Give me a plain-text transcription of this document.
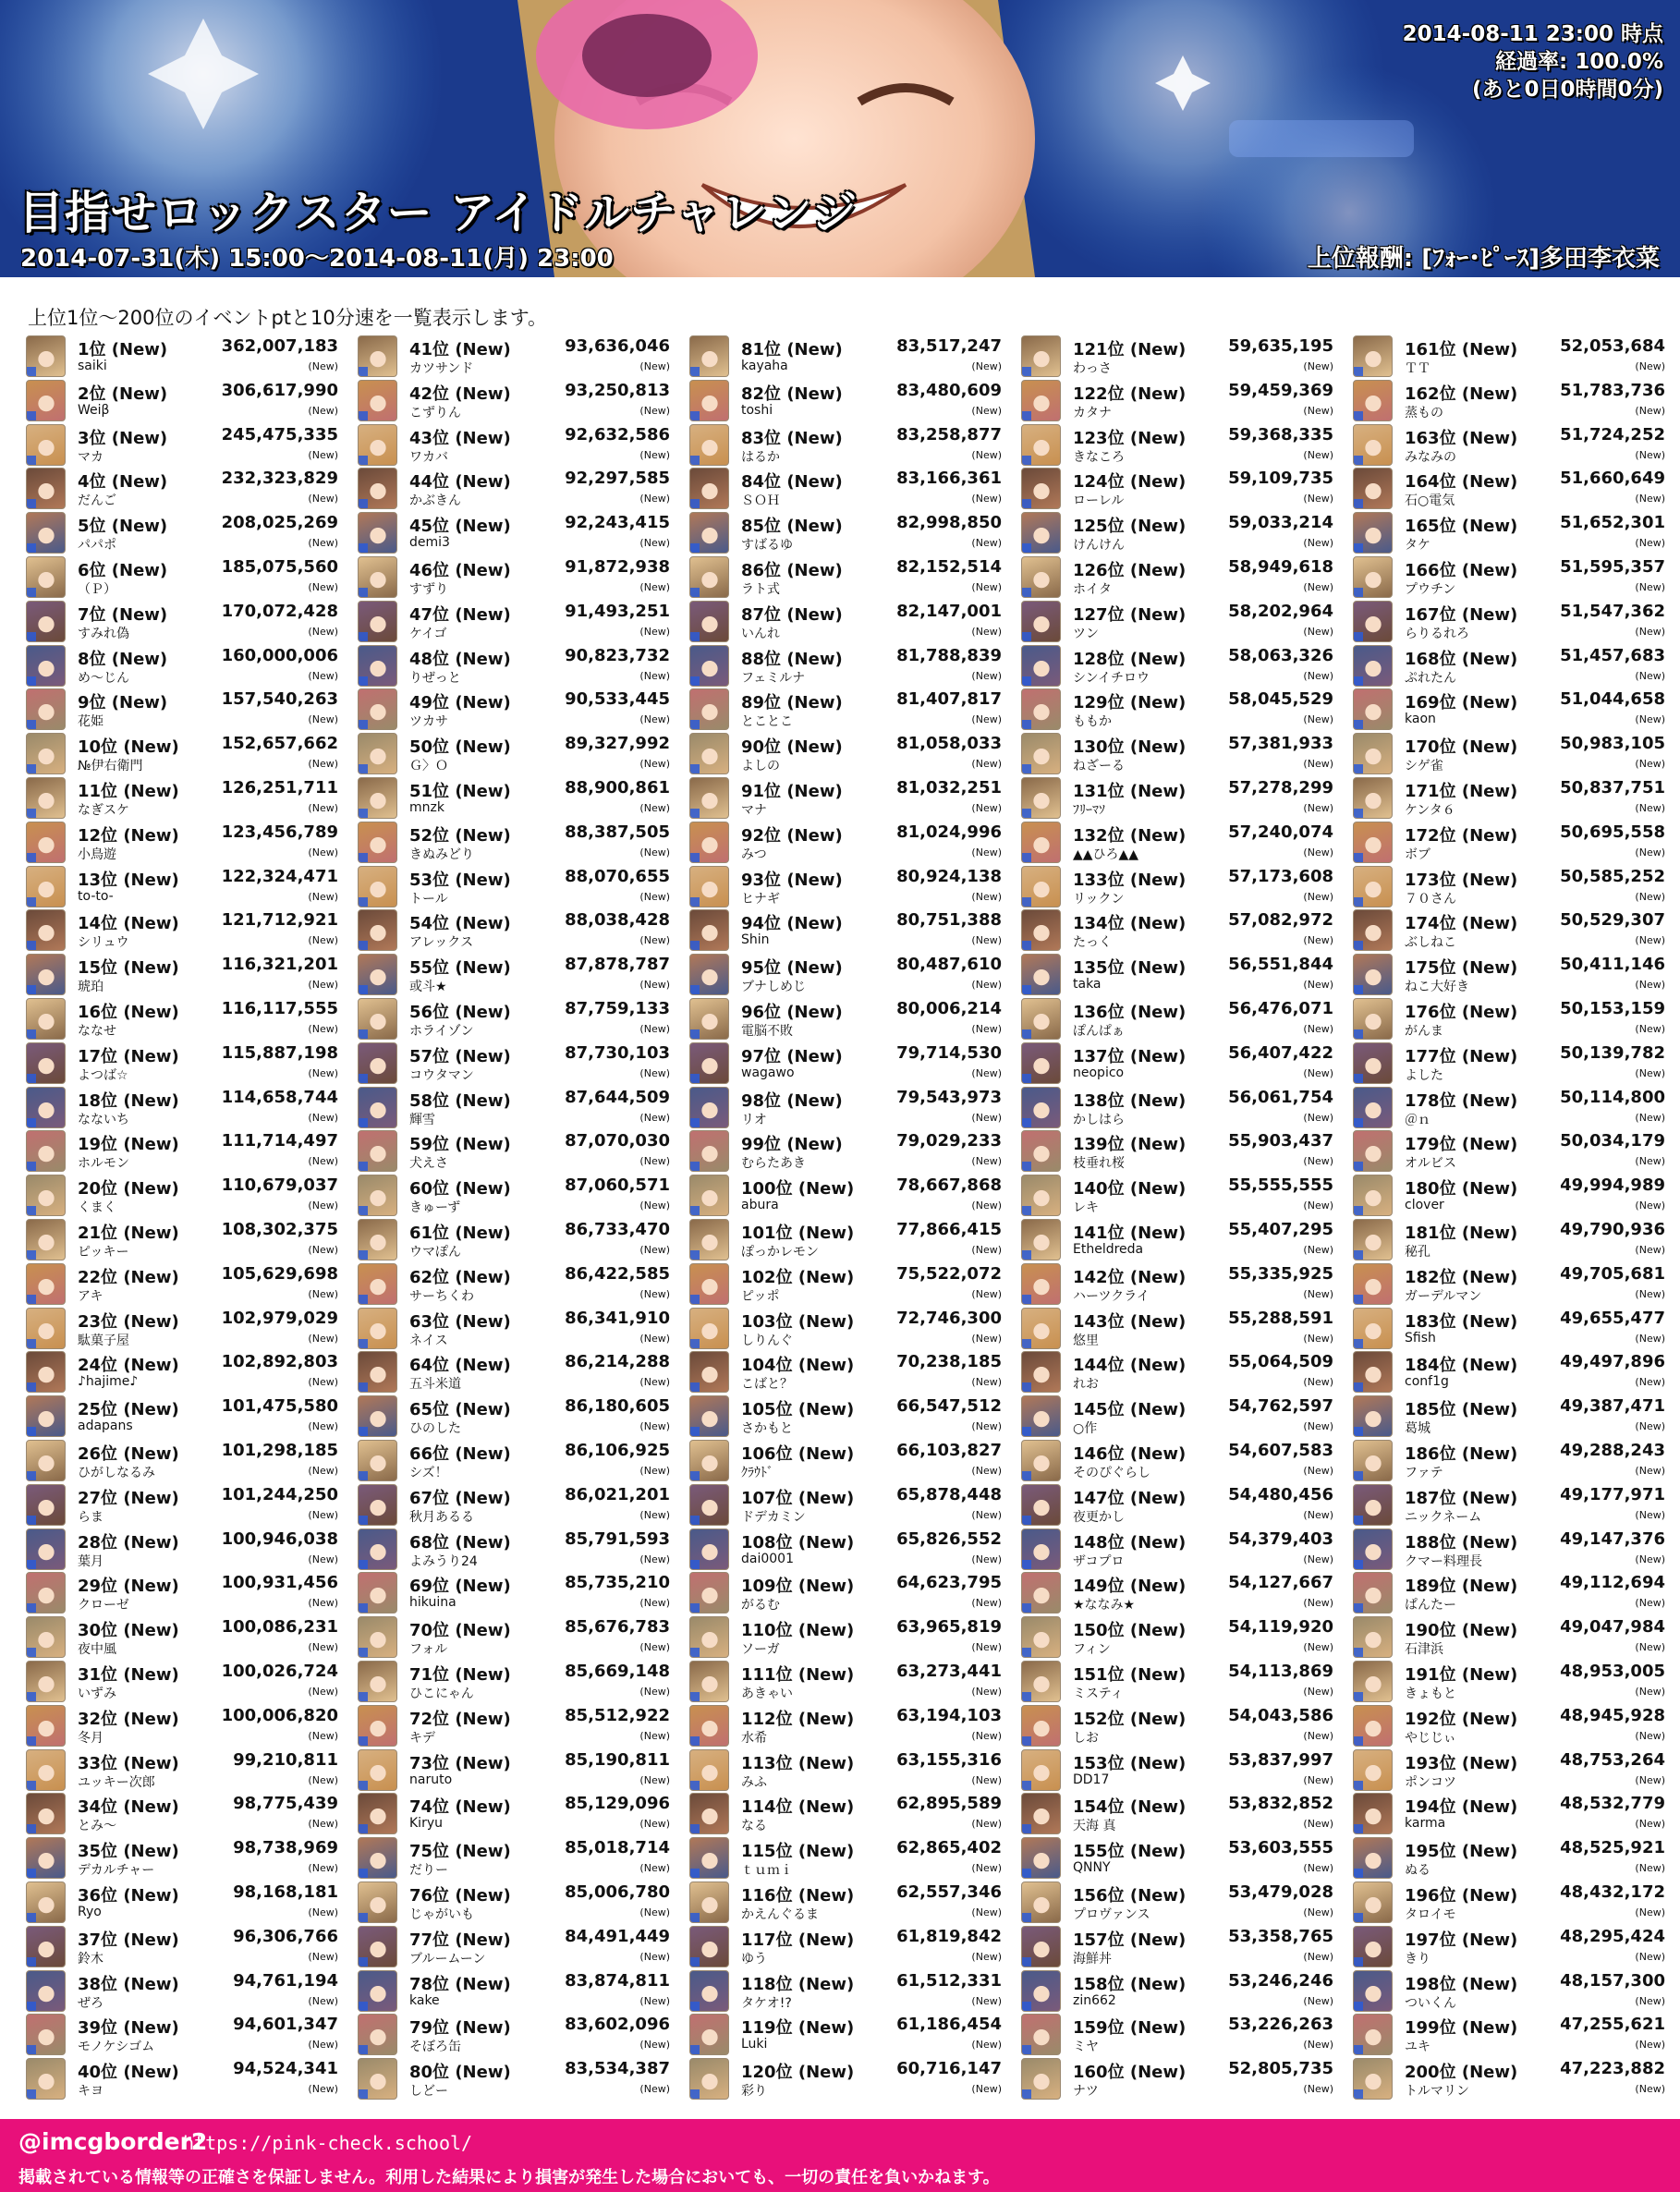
2014-08-11 23:00 時点
経過率: 100.0%
(あと0日0時間0分)
目指せロックスター アイドルチャレンジ
2014-07-31(木) 15:00～2014-08-11(月) 23:00	上位報酬: [ﾌｫｰ･ﾋﾟｰｽ]多田李衣菜
上位1位～200位のイベントptと10分速を一覧表示します。
1位 (New)	362,007,183
saiki	(New)
2位 (New)	306,617,990
Weiβ	(New)
3位 (New)	245,475,335
マカ	(New)
4位 (New)	232,323,829
だんご	(New)
5位 (New)	208,025,269
パパポ	(New)
6位 (New)	185,075,560
（Ｐ）	(New)
7位 (New)	170,072,428
すみれ偽	(New)
8位 (New)	160,000,006
め～じん	(New)
9位 (New)	157,540,263
花姫	(New)
10位 (New)	152,657,662
№伊右衛門	(New)
11位 (New)	126,251,711
なぎスケ	(New)
12位 (New)	123,456,789
小鳥遊	(New)
13位 (New)	122,324,471
to-to-	(New)
14位 (New)	121,712,921
シリュウ	(New)
15位 (New)	116,321,201
琥珀	(New)
16位 (New)	116,117,555
ななせ	(New)
17位 (New)	115,887,198
よつば☆	(New)
18位 (New)	114,658,744
なないち	(New)
19位 (New)	111,714,497
ホルモン	(New)
20位 (New)	110,679,037
くまく	(New)
21位 (New)	108,302,375
ピッキー	(New)
22位 (New)	105,629,698
アキ	(New)
23位 (New)	102,979,029
駄菓子屋	(New)
24位 (New)	102,892,803
♪hajime♪	(New)
25位 (New)	101,475,580
adapans	(New)
26位 (New)	101,298,185
ひがしなるみ	(New)
27位 (New)	101,244,250
らま	(New)
28位 (New)	100,946,038
葉月	(New)
29位 (New)	100,931,456
クローゼ	(New)
30位 (New)	100,086,231
夜中風	(New)
31位 (New)	100,026,724
いずみ	(New)
32位 (New)	100,006,820
冬月	(New)
33位 (New)	99,210,811
ユッキー次郎	(New)
34位 (New)	98,775,439
とみ～	(New)
35位 (New)	98,738,969
デカルチャー	(New)
36位 (New)	98,168,181
Ryo	(New)
37位 (New)	96,306,766
鈴木	(New)
38位 (New)	94,761,194
ぜろ	(New)
39位 (New)	94,601,347
モノケシゴム	(New)
40位 (New)	94,524,341
キヨ	(New)
41位 (New)	93,636,046
カツサンド	(New)
42位 (New)	93,250,813
こずりん	(New)
43位 (New)	92,632,586
ワカバ	(New)
44位 (New)	92,297,585
かぶきん	(New)
45位 (New)	92,243,415
demi3	(New)
46位 (New)	91,872,938
すずり	(New)
47位 (New)	91,493,251
ケイゴ	(New)
48位 (New)	90,823,732
りぜっと	(New)
49位 (New)	90,533,445
ツカサ	(New)
50位 (New)	89,327,992
Ｇ〉Ｏ	(New)
51位 (New)	88,900,861
mnzk	(New)
52位 (New)	88,387,505
きぬみどり	(New)
53位 (New)	88,070,655
トール	(New)
54位 (New)	88,038,428
アレックス	(New)
55位 (New)	87,878,787
或斗★	(New)
56位 (New)	87,759,133
ホライゾン	(New)
57位 (New)	87,730,103
コウタマン	(New)
58位 (New)	87,644,509
輝雪	(New)
59位 (New)	87,070,030
犬えさ	(New)
60位 (New)	87,060,571
きゅーず	(New)
61位 (New)	86,733,470
ウマぽん	(New)
62位 (New)	86,422,585
サーちくわ	(New)
63位 (New)	86,341,910
ネイス	(New)
64位 (New)	86,214,288
五斗米道	(New)
65位 (New)	86,180,605
ひのした	(New)
66位 (New)	86,106,925
シズ！	(New)
67位 (New)	86,021,201
秋月あるる	(New)
68位 (New)	85,791,593
よみうり24	(New)
69位 (New)	85,735,210
hikuina	(New)
70位 (New)	85,676,783
フォル	(New)
71位 (New)	85,669,148
ひこにゃん	(New)
72位 (New)	85,512,922
キデ	(New)
73位 (New)	85,190,811
naruto	(New)
74位 (New)	85,129,096
Kiryu	(New)
75位 (New)	85,018,714
だりー	(New)
76位 (New)	85,006,780
じゃがいも	(New)
77位 (New)	84,491,449
ブルームーン	(New)
78位 (New)	83,874,811
kake	(New)
79位 (New)	83,602,096
そぼろ缶	(New)
80位 (New)	83,534,387
しどー	(New)
81位 (New)	83,517,247
kayaha	(New)
82位 (New)	83,480,609
toshi	(New)
83位 (New)	83,258,877
はるか	(New)
84位 (New)	83,166,361
ＳＯＨ	(New)
85位 (New)	82,998,850
すばるゆ	(New)
86位 (New)	82,152,514
ラト式	(New)
87位 (New)	82,147,001
いんれ	(New)
88位 (New)	81,788,839
フェミルナ	(New)
89位 (New)	81,407,817
とことこ	(New)
90位 (New)	81,058,033
よしの	(New)
91位 (New)	81,032,251
マナ	(New)
92位 (New)	81,024,996
みつ	(New)
93位 (New)	80,924,138
ヒナギ	(New)
94位 (New)	80,751,388
Shin	(New)
95位 (New)	80,487,610
ブナしめじ	(New)
96位 (New)	80,006,214
電脳不敗	(New)
97位 (New)	79,714,530
wagawo	(New)
98位 (New)	79,543,973
リオ	(New)
99位 (New)	79,029,233
むらたあき	(New)
100位 (New)	78,667,868
abura	(New)
101位 (New)	77,866,415
ぽっかレモン	(New)
102位 (New)	75,522,072
ピッポ	(New)
103位 (New)	72,746,300
しりんぐ	(New)
104位 (New)	70,238,185
こばと？	(New)
105位 (New)	66,547,512
さかもと	(New)
106位 (New)	66,103,827
ｸﾗｳﾄﾞ	(New)
107位 (New)	65,878,448
ドデカミン	(New)
108位 (New)	65,826,552
dai0001	(New)
109位 (New)	64,623,795
がるむ	(New)
110位 (New)	63,965,819
ソーガ	(New)
111位 (New)	63,273,441
あきゃい	(New)
112位 (New)	63,194,103
水希	(New)
113位 (New)	63,155,316
みふ	(New)
114位 (New)	62,895,589
なる	(New)
115位 (New)	62,865,402
ｔｕｍｉ	(New)
116位 (New)	62,557,346
かえんぐるま	(New)
117位 (New)	61,819,842
ゆう	(New)
118位 (New)	61,512,331
タケオ!?	(New)
119位 (New)	61,186,454
Luki	(New)
120位 (New)	60,716,147
彩り	(New)
121位 (New)	59,635,195
わっさ	(New)
122位 (New)	59,459,369
カタナ	(New)
123位 (New)	59,368,335
きなころ	(New)
124位 (New)	59,109,735
ローレル	(New)
125位 (New)	59,033,214
けんけん	(New)
126位 (New)	58,949,618
ホイタ	(New)
127位 (New)	58,202,964
ツン	(New)
128位 (New)	58,063,326
シンイチロウ	(New)
129位 (New)	58,045,529
ももか	(New)
130位 (New)	57,381,933
ねざーる	(New)
131位 (New)	57,278,299
ﾌﾘｰﾏｿ	(New)
132位 (New)	57,240,074
▲▲ひろ▲▲	(New)
133位 (New)	57,173,608
リックン	(New)
134位 (New)	57,082,972
たっく	(New)
135位 (New)	56,551,844
taka	(New)
136位 (New)	56,476,071
ぽんぱぁ	(New)
137位 (New)	56,407,422
neopico	(New)
138位 (New)	56,061,754
かしはら	(New)
139位 (New)	55,903,437
枝垂れ桜	(New)
140位 (New)	55,555,555
レキ	(New)
141位 (New)	55,407,295
Etheldreda	(New)
142位 (New)	55,335,925
ハーツクライ	(New)
143位 (New)	55,288,591
悠里	(New)
144位 (New)	55,064,509
れお	(New)
145位 (New)	54,762,597
○作	(New)
146位 (New)	54,607,583
そのぴぐらし	(New)
147位 (New)	54,480,456
夜更かし	(New)
148位 (New)	54,379,403
ザコプロ	(New)
149位 (New)	54,127,667
★ななみ★	(New)
150位 (New)	54,119,920
フィン	(New)
151位 (New)	54,113,869
ミスティ	(New)
152位 (New)	54,043,586
しお	(New)
153位 (New)	53,837,997
DD17	(New)
154位 (New)	53,832,852
天海 真	(New)
155位 (New)	53,603,555
QNNY	(New)
156位 (New)	53,479,028
プロヴァンス	(New)
157位 (New)	53,358,765
海鮮丼	(New)
158位 (New)	53,246,246
zin662	(New)
159位 (New)	53,226,263
ミヤ	(New)
160位 (New)	52,805,735
ナツ	(New)
161位 (New)	52,053,684
ＴＴ	(New)
162位 (New)	51,783,736
蒸もの	(New)
163位 (New)	51,724,252
みなみの	(New)
164位 (New)	51,660,649
石○電気	(New)
165位 (New)	51,652,301
タケ	(New)
166位 (New)	51,595,357
プウチン	(New)
167位 (New)	51,547,362
らりるれろ	(New)
168位 (New)	51,457,683
ぷれたん	(New)
169位 (New)	51,044,658
kaon	(New)
170位 (New)	50,983,105
シゲ雀	(New)
171位 (New)	50,837,751
ケンタ６	(New)
172位 (New)	50,695,558
ボブ	(New)
173位 (New)	50,585,252
７０さん	(New)
174位 (New)	50,529,307
ぶしねこ	(New)
175位 (New)	50,411,146
ねこ大好き	(New)
176位 (New)	50,153,159
がんま	(New)
177位 (New)	50,139,782
よした	(New)
178位 (New)	50,114,800
＠ｎ	(New)
179位 (New)	50,034,179
オルビス	(New)
180位 (New)	49,994,989
clover	(New)
181位 (New)	49,790,936
秘孔	(New)
182位 (New)	49,705,681
ガーデルマン	(New)
183位 (New)	49,655,477
Sfish	(New)
184位 (New)	49,497,896
conf1g	(New)
185位 (New)	49,387,471
葛城	(New)
186位 (New)	49,288,243
ファテ	(New)
187位 (New)	49,177,971
ニックネーム	(New)
188位 (New)	49,147,376
クマー料理長	(New)
189位 (New)	49,112,694
ぱんたー	(New)
190位 (New)	49,047,984
石津浜	(New)
191位 (New)	48,953,005
きょもと	(New)
192位 (New)	48,945,928
やじじぃ	(New)
193位 (New)	48,753,264
ポンコツ	(New)
194位 (New)	48,532,779
karma	(New)
195位 (New)	48,525,921
ぬる	(New)
196位 (New)	48,432,172
タロイモ	(New)
197位 (New)	48,295,424
きり	(New)
198位 (New)	48,157,300
ついくん	(New)
199位 (New)	47,255,621
ユキ	(New)
200位 (New)	47,223,882
トルマリン	(New)
@imcgborder2
https://pink-check.school/
掲載されている情報等の正確さを保証しません。利用した結果により損害が発生した場合においても、一切の責任を負いかねます。
